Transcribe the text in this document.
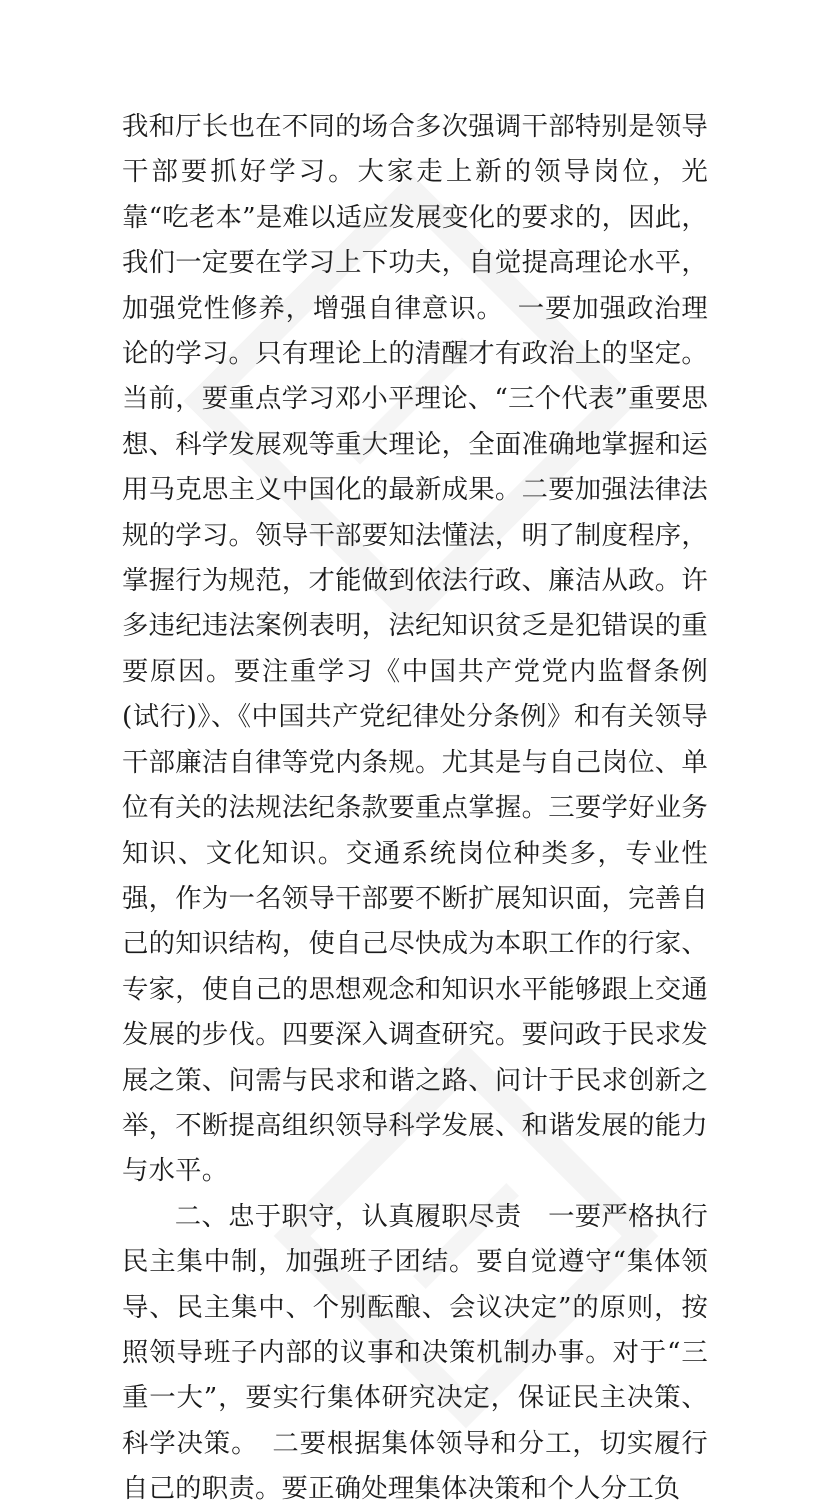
我和厅长也在不同的场合多次强调干部特别是领导干部要抓好学习。大家走上新的领导岗位，光靠“吃老本”是难以适应发展变化的要求的，因此，我们一定要在学习上下功夫，自觉提高理论水平，加强党性修养，增强自律意识。　一要加强政治理论的学习。只有理论上的清醒才有政治上的坚定。当前，要重点学习邓小平理论、“三个代表”重要思想、科学发展观等重大理论，全面准确地掌握和运用马克思主义中国化的最新成果。二要加强法律法规的学习。领导干部要知法懂法，明了制度程序，掌握行为规范，才能做到依法行政、廉洁从政。许多违纪违法案例表明，法纪知识贫乏是犯错误的重要原因。要注重学习《中国共产党党内监督条例(试行)》、《中国共产党纪律处分条例》和有关领导干部廉洁自律等党内条规。尤其是与自己岗位、单位有关的法规法纪条款要重点掌握。三要学好业务知识、文化知识。交通系统岗位种类多，专业性强，作为一名领导干部要不断扩展知识面，完善自己的知识结构，使自己尽快成为本职工作的行家、专家，使自己的思想观念和知识水平能够跟上交通发展的步伐。四要深入调查研究。要问政于民求发展之策、问需与民求和谐之路、问计于民求创新之举，不断提高组织领导科学发展、和谐发展的能力与水平。

二、忠于职守，认真履职尽责　一要严格执行民主集中制，加强班子团结。要自觉遵守“集体领导、民主集中、个别酝酿、会议决定”的原则，按照领导班子内部的议事和决策机制办事。对于“三重一大”，要实行集体研究决定，保证民主决策、科学决策。　二要根据集体领导和分工，切实履行自己的职责。要正确处理集体决策和个人分工负
